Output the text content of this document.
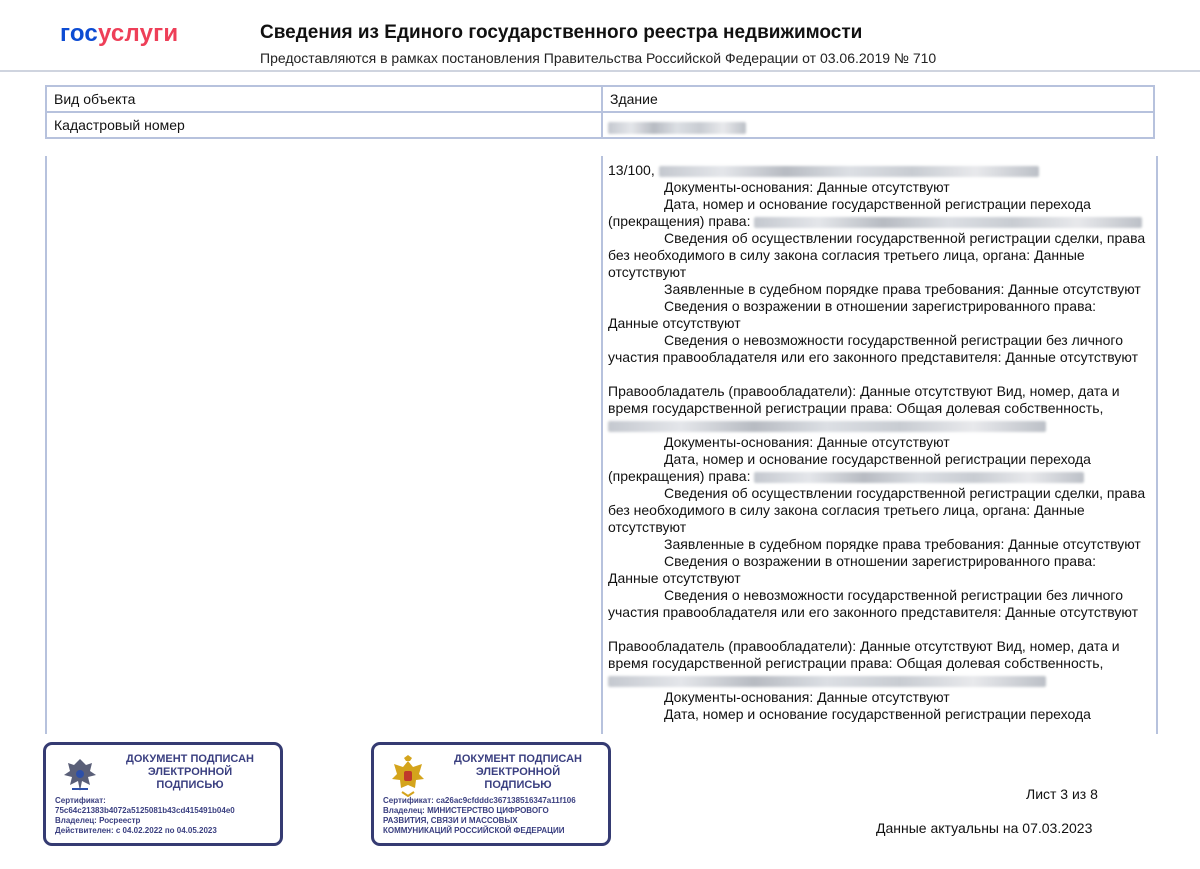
госуслуги	Сведения из Единого государственного реестра недвижимости
Предоставляются в рамках постановления Правительства Российской Федерации от 03.06.2019 № 710
Вид объекта	Здание
Кадастровый номер	

13/100,

Документы-основания: Данные отсутствуют

Дата, номер и основание государственной регистрации перехода

(прекращения) права:

Сведения об осуществлении государственной регистрации сделки, права

без необходимого в силу закона согласия третьего лица, органа: Данные

отсутствуют

Заявленные в судебном порядке права требования: Данные отсутствуют

Сведения о возражении в отношении зарегистрированного права:

Данные отсутствуют

Сведения о невозможности государственной регистрации без личного

участия правообладателя или его законного представителя: Данные отсутствуют

Правообладатель (правообладатели): Данные отсутствуют Вид, номер, дата и

время государственной регистрации права: Общая долевая собственность,

Документы-основания: Данные отсутствуют

Дата, номер и основание государственной регистрации перехода

(прекращения) права:

Сведения об осуществлении государственной регистрации сделки, права

без необходимого в силу закона согласия третьего лица, органа: Данные

отсутствуют

Заявленные в судебном порядке права требования: Данные отсутствуют

Сведения о возражении в отношении зарегистрированного права:

Данные отсутствуют

Сведения о невозможности государственной регистрации без личного

участия правообладателя или его законного представителя: Данные отсутствуют

Правообладатель (правообладатели): Данные отсутствуют Вид, номер, дата и

время государственной регистрации права: Общая долевая собственность,

Документы-основания: Данные отсутствуют

Дата, номер и основание государственной регистрации перехода

ДОКУМЕНТ ПОДПИСАН
ЭЛЕКТРОННОЙ
ПОДПИСЬЮ
Сертификат:
75c64c21383b4072a5125081b43cd415491b04e0
Владелец: Росреестр
Действителен: с 04.02.2022 по 04.05.2023
ДОКУМЕНТ ПОДПИСАН
ЭЛЕКТРОННОЙ
ПОДПИСЬЮ
Сертификат: ca26ac9cfdddc367138516347a11f106
Владелец: МИНИСТЕРСТВО ЦИФРОВОГО
РАЗВИТИЯ, СВЯЗИ И МАССОВЫХ
КОММУНИКАЦИЙ РОССИЙСКОЙ ФЕДЕРАЦИИ
Лист 3 из 8
Данные актуальны на 07.03.2023
